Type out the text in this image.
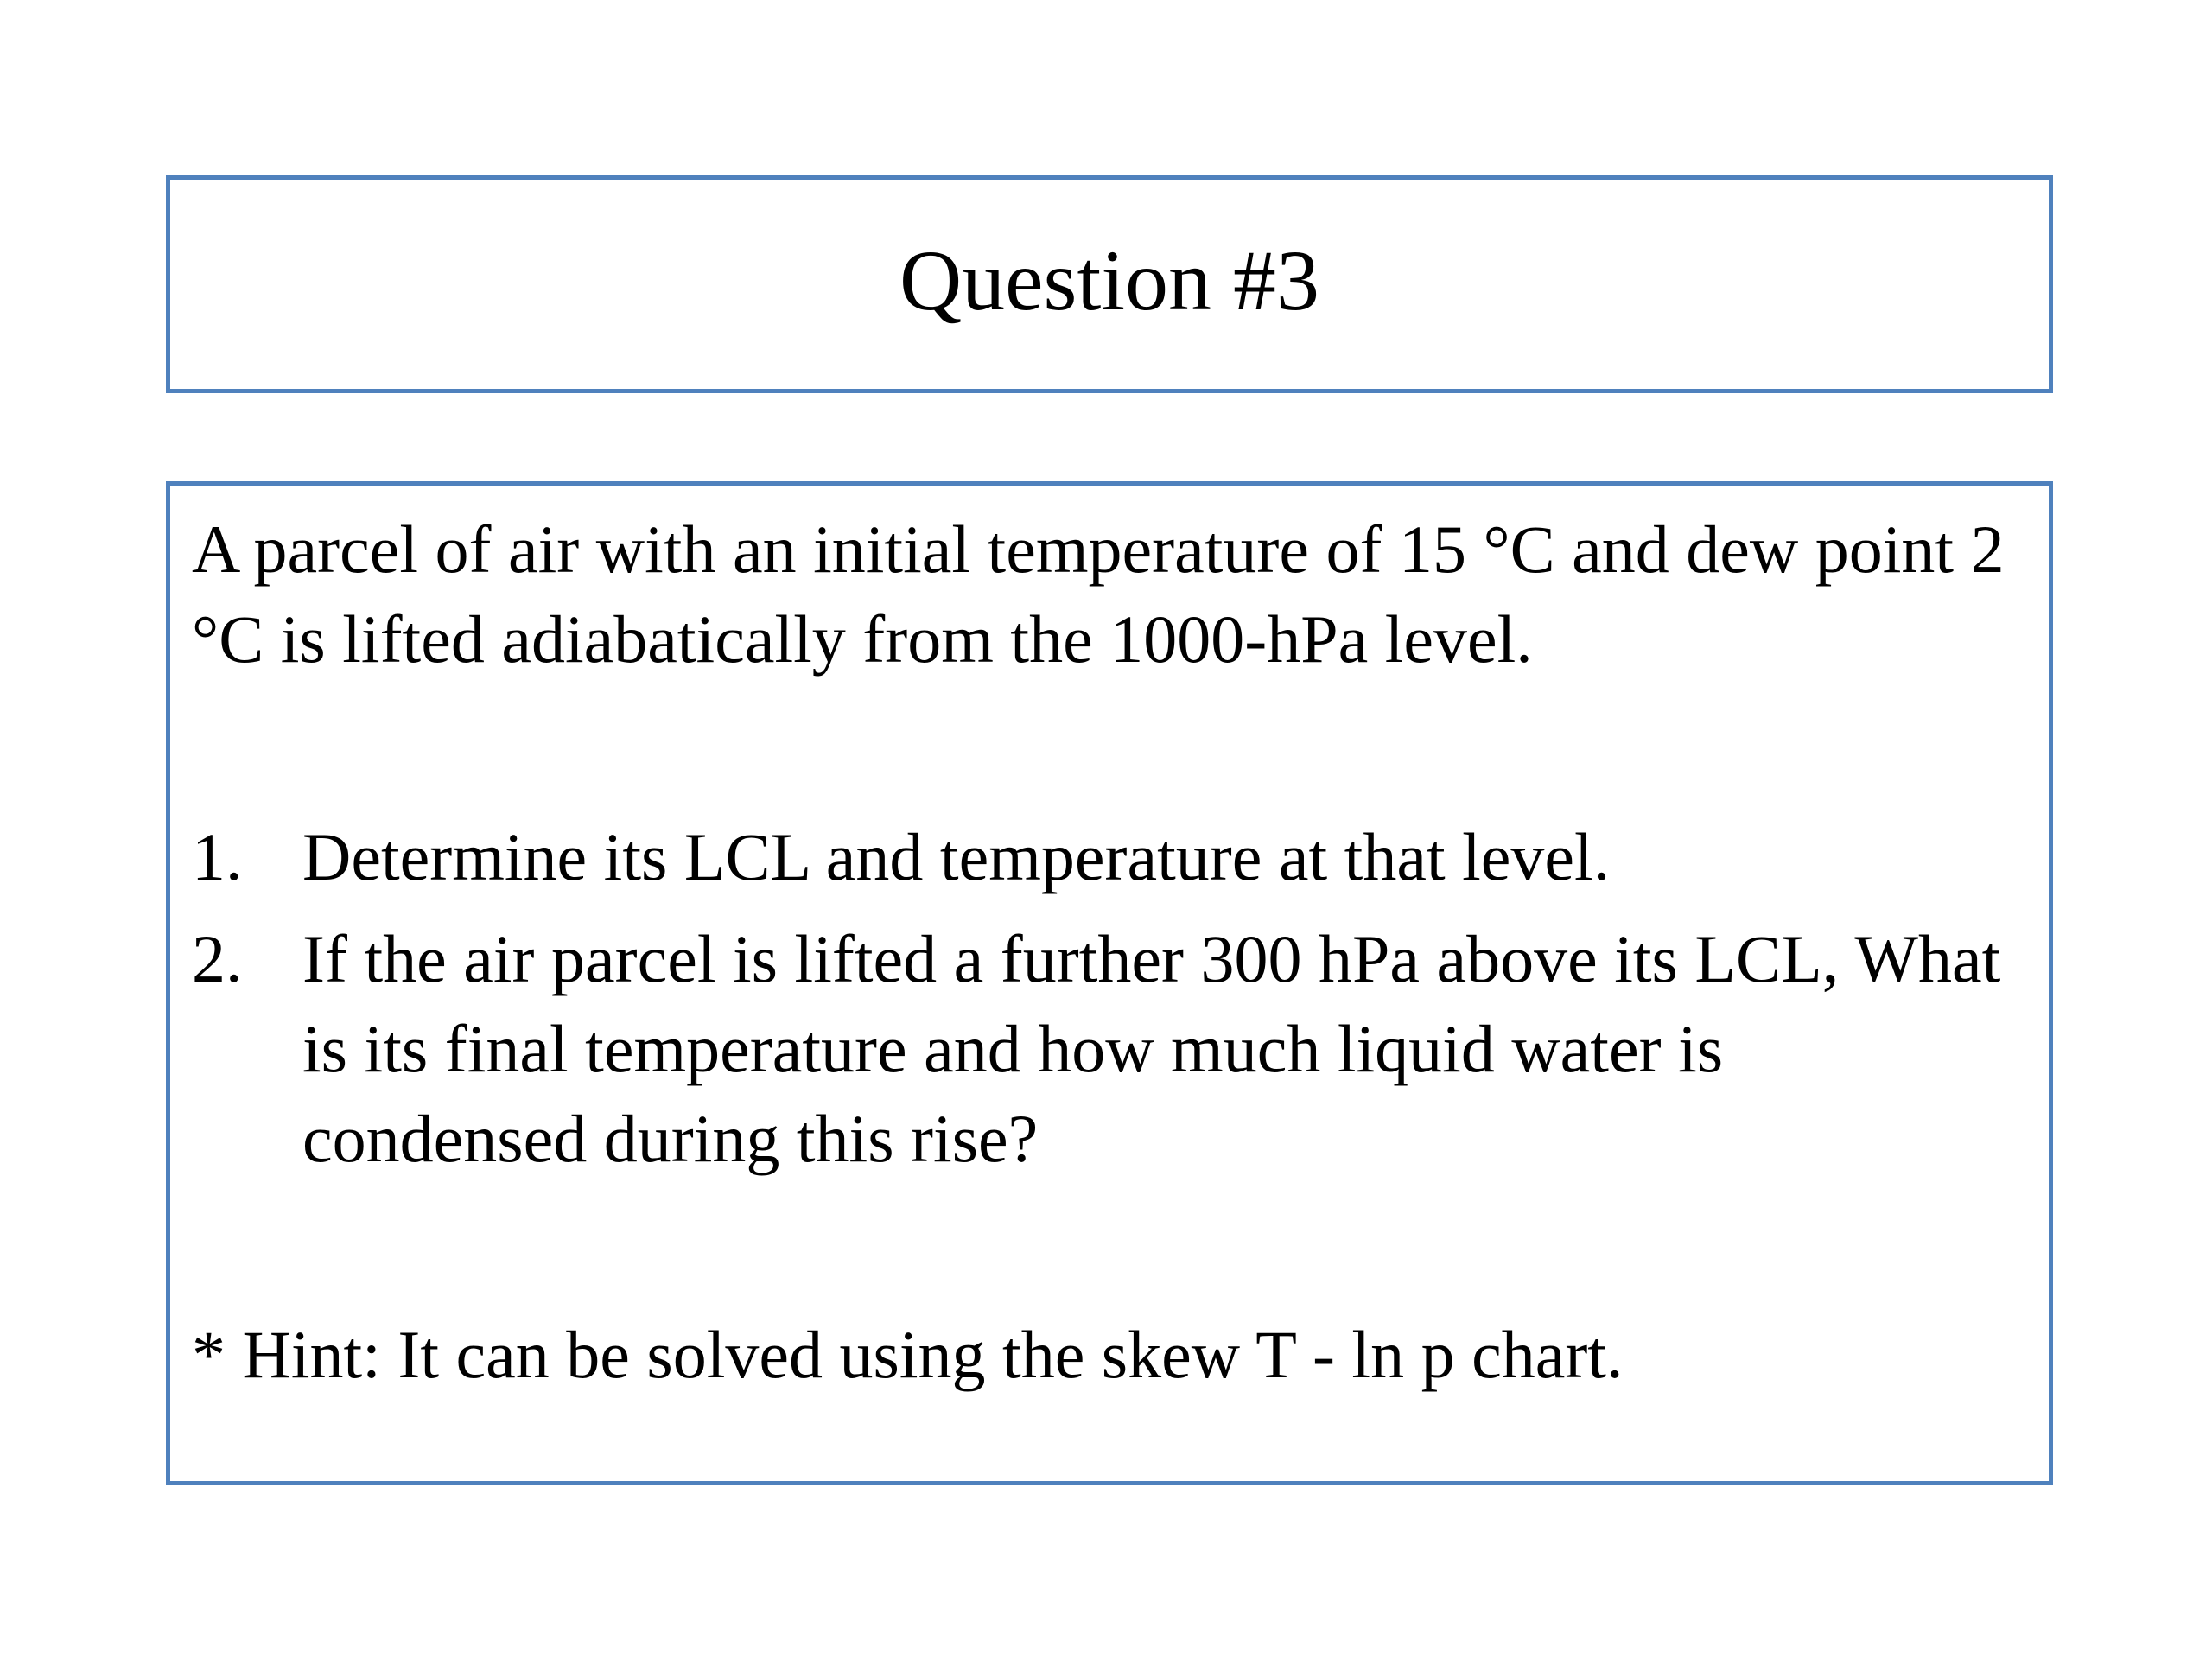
Question #3

A parcel of air with an initial temperature of 15 °C and dew point 2 °C is lifted adiabatically from the 1000-hPa level.

1. Determine its LCL and temperature at that level.
2. If the air parcel is lifted a further 300 hPa above its LCL, What is its final temperature and how much liquid water is condensed during this rise?

* Hint: It can be solved using the skew T - ln p chart.
